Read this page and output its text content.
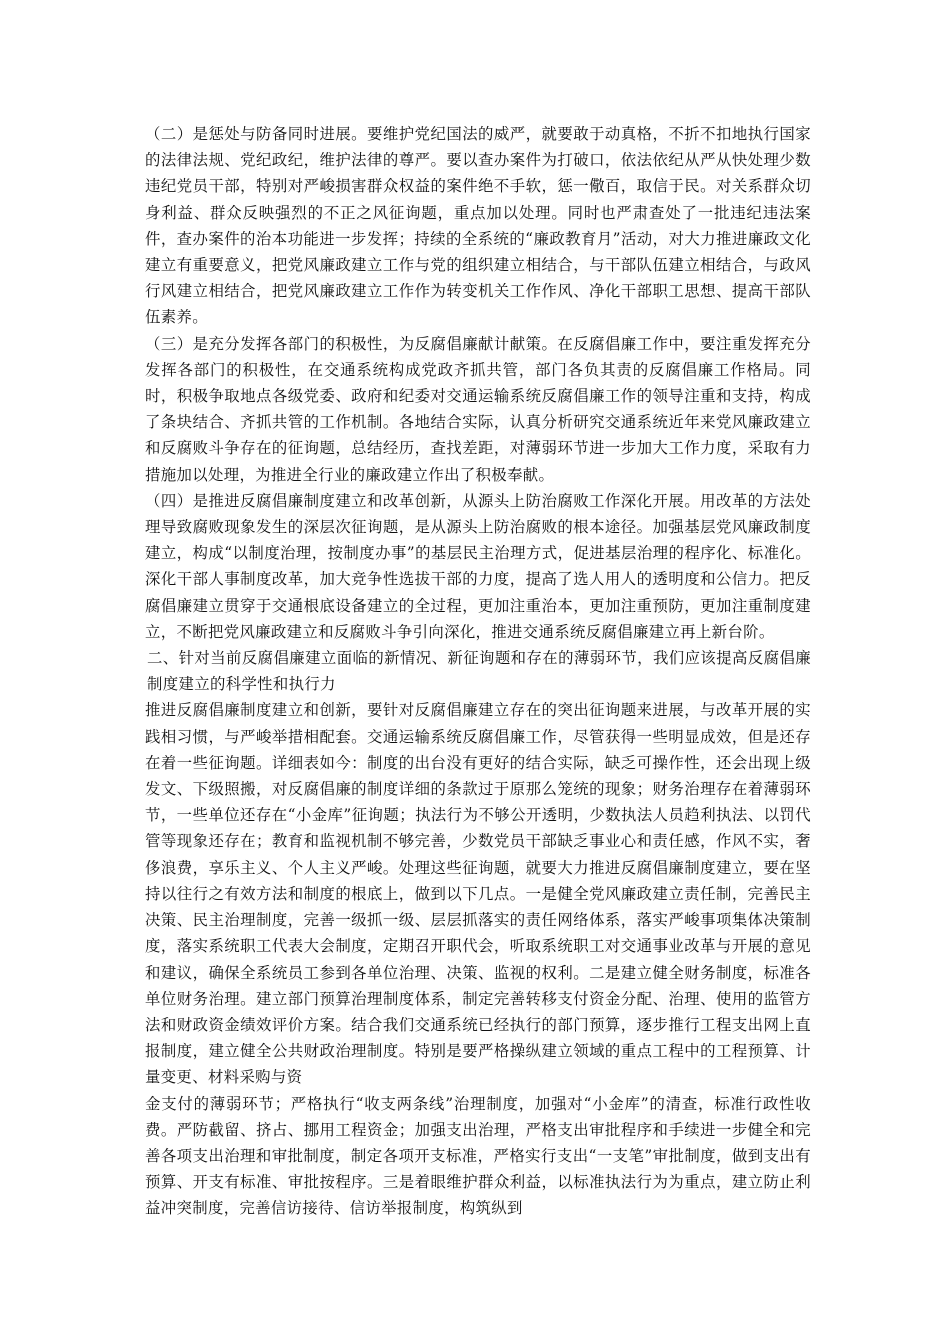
（二）是惩处与防备同时进展。要维护党纪国法的威严，就要敢于动真格，不折不扣地执行国家的法律法规、党纪政纪，维护法律的尊严。要以查办案件为打破口，依法依纪从严从快处理少数违纪党员干部，特别对严峻损害群众权益的案件绝不手软，惩一儆百，取信于民。对关系群众切身利益、群众反映强烈的不正之风征询题，重点加以处理。同时也严肃查处了一批违纪违法案件，查办案件的治本功能进一步发挥；持续的全系统的“廉政教育月”活动，对大力推进廉政文化建立有重要意义，把党风廉政建立工作与党的组织建立相结合，与干部队伍建立相结合，与政风行风建立相结合，把党风廉政建立工作作为转变机关工作作风、净化干部职工思想、提高干部队伍素养。

（三）是充分发挥各部门的积极性，为反腐倡廉献计献策。在反腐倡廉工作中，要注重发挥充分发挥各部门的积极性，在交通系统构成党政齐抓共管，部门各负其责的反腐倡廉工作格局。同时，积极争取地点各级党委、政府和纪委对交通运输系统反腐倡廉工作的领导注重和支持，构成了条块结合、齐抓共管的工作机制。各地结合实际，认真分析研究交通系统近年来党风廉政建立和反腐败斗争存在的征询题，总结经历，查找差距，对薄弱环节进一步加大工作力度，采取有力措施加以处理，为推进全行业的廉政建立作出了积极奉献。

（四）是推进反腐倡廉制度建立和改革创新，从源头上防治腐败工作深化开展。用改革的方法处理导致腐败现象发生的深层次征询题，是从源头上防治腐败的根本途径。加强基层党风廉政制度建立，构成“以制度治理，按制度办事”的基层民主治理方式，促进基层治理的程序化、标准化。深化干部人事制度改革，加大竞争性选拔干部的力度，提高了选人用人的透明度和公信力。把反腐倡廉建立贯穿于交通根底设备建立的全过程，更加注重治本，更加注重预防，更加注重制度建立，不断把党风廉政建立和反腐败斗争引向深化，推进交通系统反腐倡廉建立再上新台阶。

二、针对当前反腐倡廉建立面临的新情况、新征询题和存在的薄弱环节，我们应该提高反腐倡廉制度建立的科学性和执行力

推进反腐倡廉制度建立和创新，要针对反腐倡廉建立存在的突出征询题来进展，与改革开展的实践相习惯，与严峻举措相配套。交通运输系统反腐倡廉工作，尽管获得一些明显成效，但是还存在着一些征询题。详细表如今：制度的出台没有更好的结合实际，缺乏可操作性，还会出现上级发文、下级照搬，对反腐倡廉的制度详细的条款过于原那么笼统的现象；财务治理存在着薄弱环节，一些单位还存在“小金库”征询题；执法行为不够公开透明，少数执法人员趋利执法、以罚代管等现象还存在；教育和监视机制不够完善，少数党员干部缺乏事业心和责任感，作风不实，奢侈浪费，享乐主义、个人主义严峻。处理这些征询题，就要大力推进反腐倡廉制度建立，要在坚持以往行之有效方法和制度的根底上，做到以下几点。一是健全党风廉政建立责任制，完善民主决策、民主治理制度，完善一级抓一级、层层抓落实的责任网络体系，落实严峻事项集体决策制度，落实系统职工代表大会制度，定期召开职代会，听取系统职工对交通事业改革与开展的意见和建议，确保全系统员工参到各单位治理、决策、监视的权利。二是建立健全财务制度，标准各单位财务治理。建立部门预算治理制度体系，制定完善转移支付资金分配、治理、使用的监管方法和财政资金绩效评价方案。结合我们交通系统已经执行的部门预算，逐步推行工程支出网上直报制度，建立健全公共财政治理制度。特别是要严格操纵建立领域的重点工程中的工程预算、计量变更、材料采购与资

金支付的薄弱环节；严格执行“收支两条线”治理制度，加强对“小金库”的清查，标准行政性收费。严防截留、挤占、挪用工程资金；加强支出治理，严格支出审批程序和手续进一步健全和完善各项支出治理和审批制度，制定各项开支标准，严格实行支出“一支笔”审批制度，做到支出有预算、开支有标准、审批按程序。三是着眼维护群众利益，以标准执法行为为重点，建立防止利益冲突制度，完善信访接待、信访举报制度，构筑纵到
